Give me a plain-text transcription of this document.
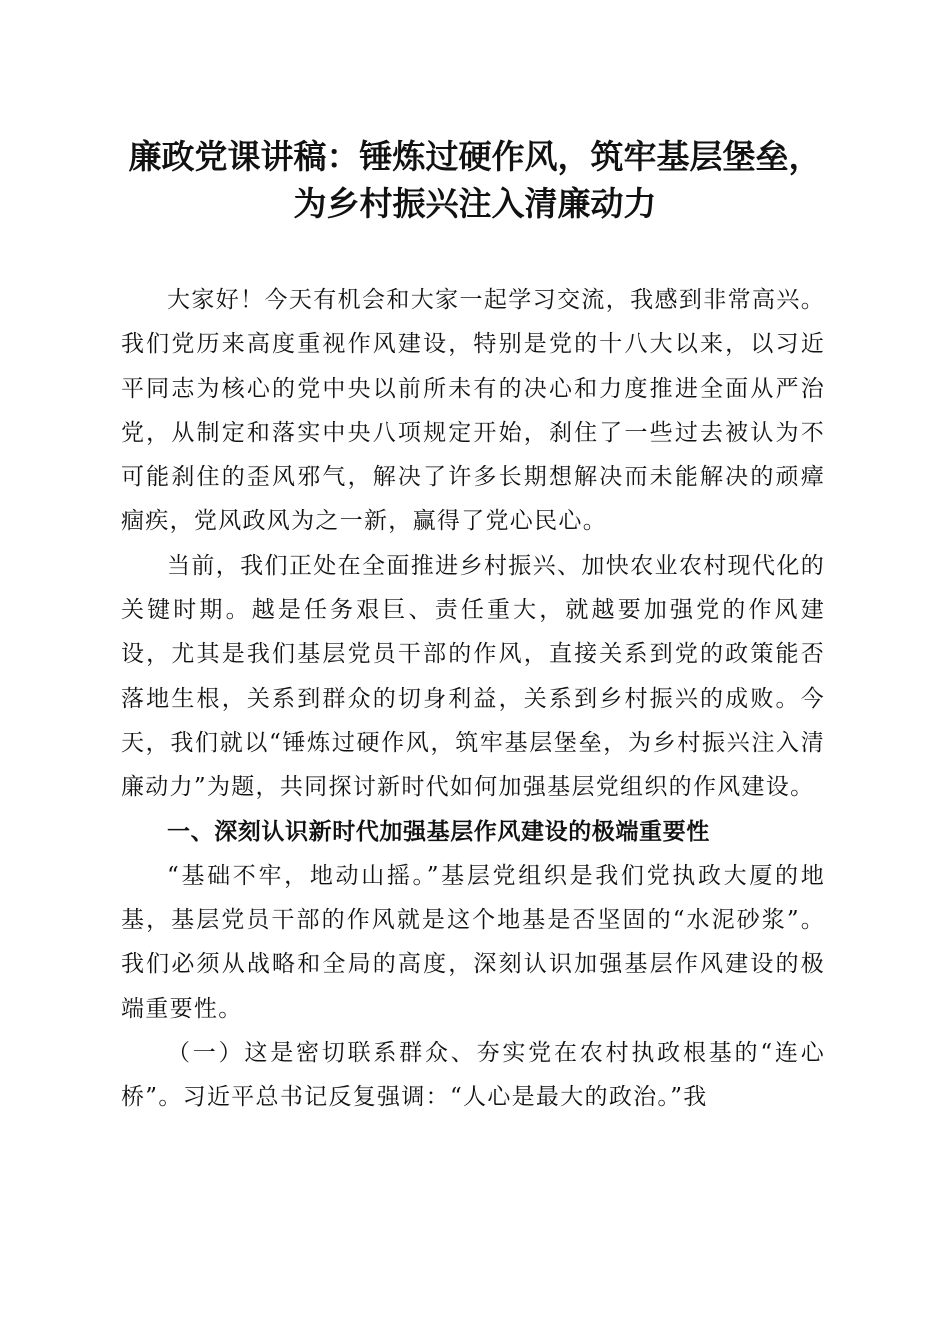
廉政党课讲稿：锤炼过硬作风，筑牢基层堡垒，
为乡村振兴注入清廉动力

大家好！今天有机会和大家一起学习交流，我感到非常高兴。我们党历来高度重视作风建设，特别是党的十八大以来，以习近平同志为核心的党中央以前所未有的决心和力度推进全面从严治党，从制定和落实中央八项规定开始，刹住了一些过去被认为不可能刹住的歪风邪气，解决了许多长期想解决而未能解决的顽瘴痼疾，党风政风为之一新，赢得了党心民心。

当前，我们正处在全面推进乡村振兴、加快农业农村现代化的关键时期。越是任务艰巨、责任重大，就越要加强党的作风建设，尤其是我们基层党员干部的作风，直接关系到党的政策能否落地生根，关系到群众的切身利益，关系到乡村振兴的成败。今天，我们就以“锤炼过硬作风，筑牢基层堡垒，为乡村振兴注入清廉动力”为题，共同探讨新时代如何加强基层党组织的作风建设。

一、深刻认识新时代加强基层作风建设的极端重要性

“基础不牢，地动山摇。”基层党组织是我们党执政大厦的地基，基层党员干部的作风就是这个地基是否坚固的“水泥砂浆”。我们必须从战略和全局的高度，深刻认识加强基层作风建设的极端重要性。

（一）这是密切联系群众、夯实党在农村执政根基的“连心桥”。习近平总书记反复强调：“人心是最大的政治。”我
